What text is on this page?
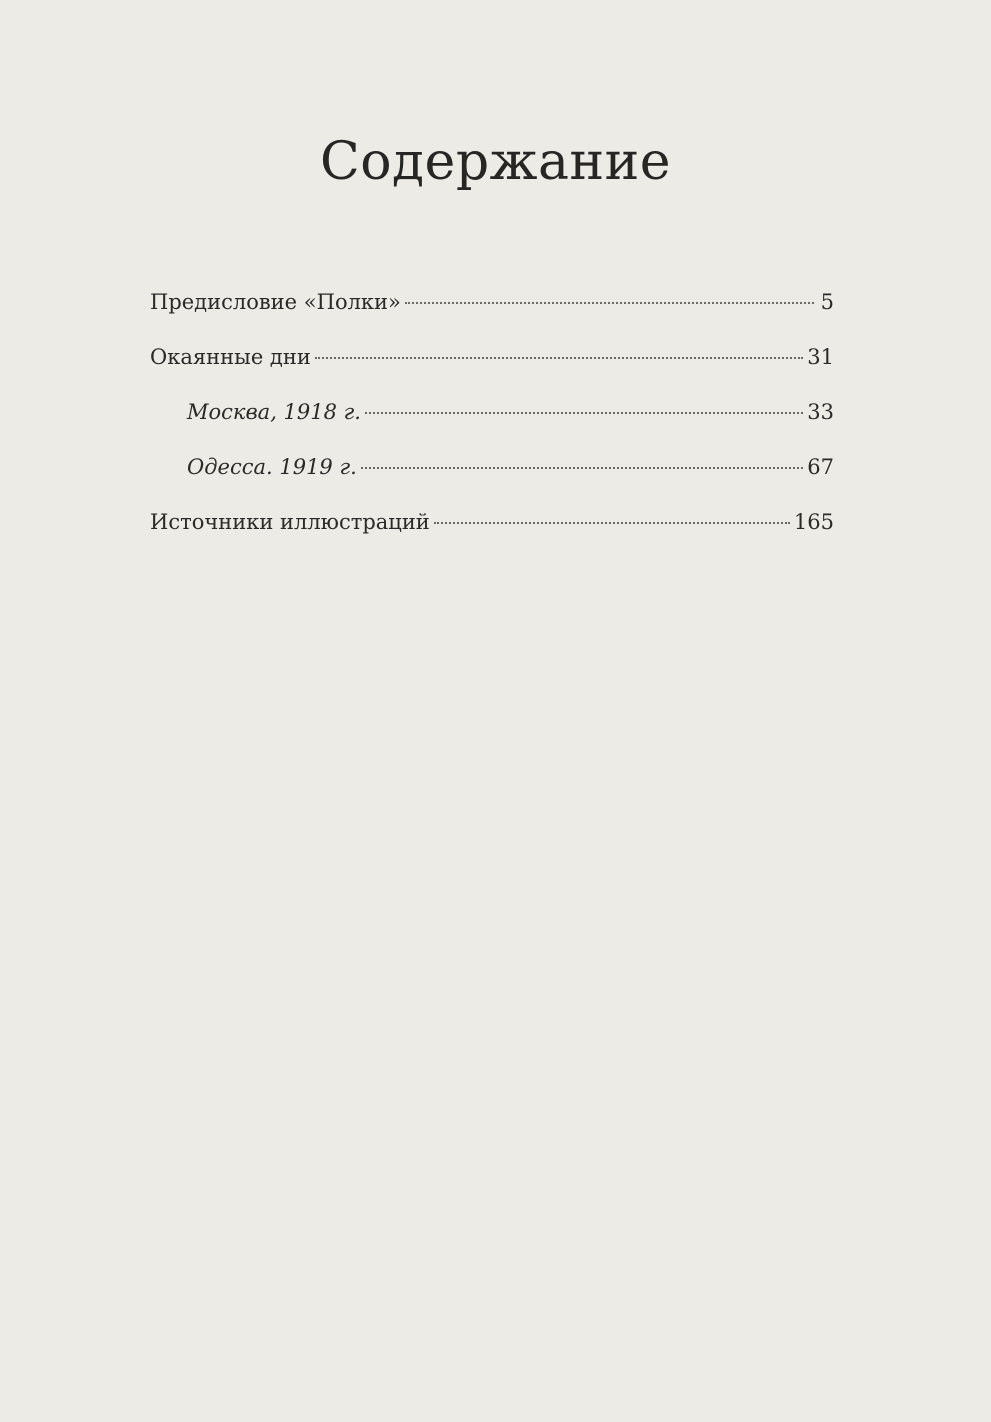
Содержание
Предисловие «Полки»	5
Окаянные дни	31
Москва, 1918 г.	33
Одесса. 1919 г.	67
Источники иллюстраций	165
